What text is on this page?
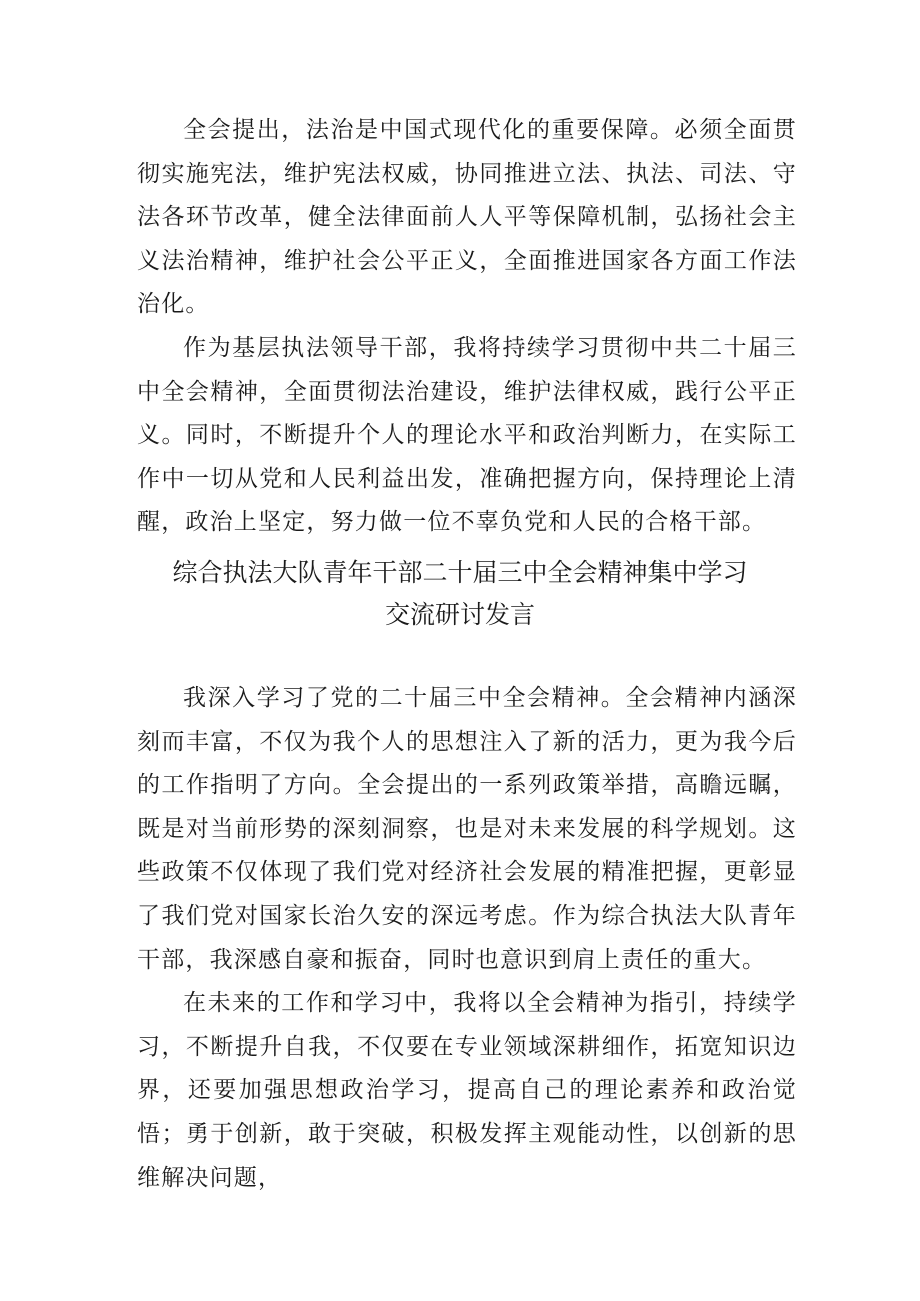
全会提出，法治是中国式现代化的重要保障。必须全面贯彻实施宪法，维护宪法权威，协同推进立法、执法、司法、守法各环节改革，健全法律面前人人平等保障机制，弘扬社会主义法治精神，维护社会公平正义，全面推进国家各方面工作法治化。

作为基层执法领导干部，我将持续学习贯彻中共二十届三中全会精神，全面贯彻法治建设，维护法律权威，践行公平正义。同时，不断提升个人的理论水平和政治判断力，在实际工作中一切从党和人民利益出发，准确把握方向，保持理论上清醒，政治上坚定，努力做一位不辜负党和人民的合格干部。

综合执法大队青年干部二十届三中全会精神集中学习
交流研讨发言

我深入学习了党的二十届三中全会精神。全会精神内涵深刻而丰富，不仅为我个人的思想注入了新的活力，更为我今后的工作指明了方向。全会提出的一系列政策举措，高瞻远瞩，既是对当前形势的深刻洞察，也是对未来发展的科学规划。这些政策不仅体现了我们党对经济社会发展的精准把握，更彰显了我们党对国家长治久安的深远考虑。作为综合执法大队青年干部，我深感自豪和振奋，同时也意识到肩上责任的重大。

在未来的工作和学习中，我将以全会精神为指引，持续学习，不断提升自我，不仅要在专业领域深耕细作，拓宽知识边界，还要加强思想政治学习，提高自己的理论素养和政治觉悟；勇于创新，敢于突破，积极发挥主观能动性，以创新的思维解决问题，
